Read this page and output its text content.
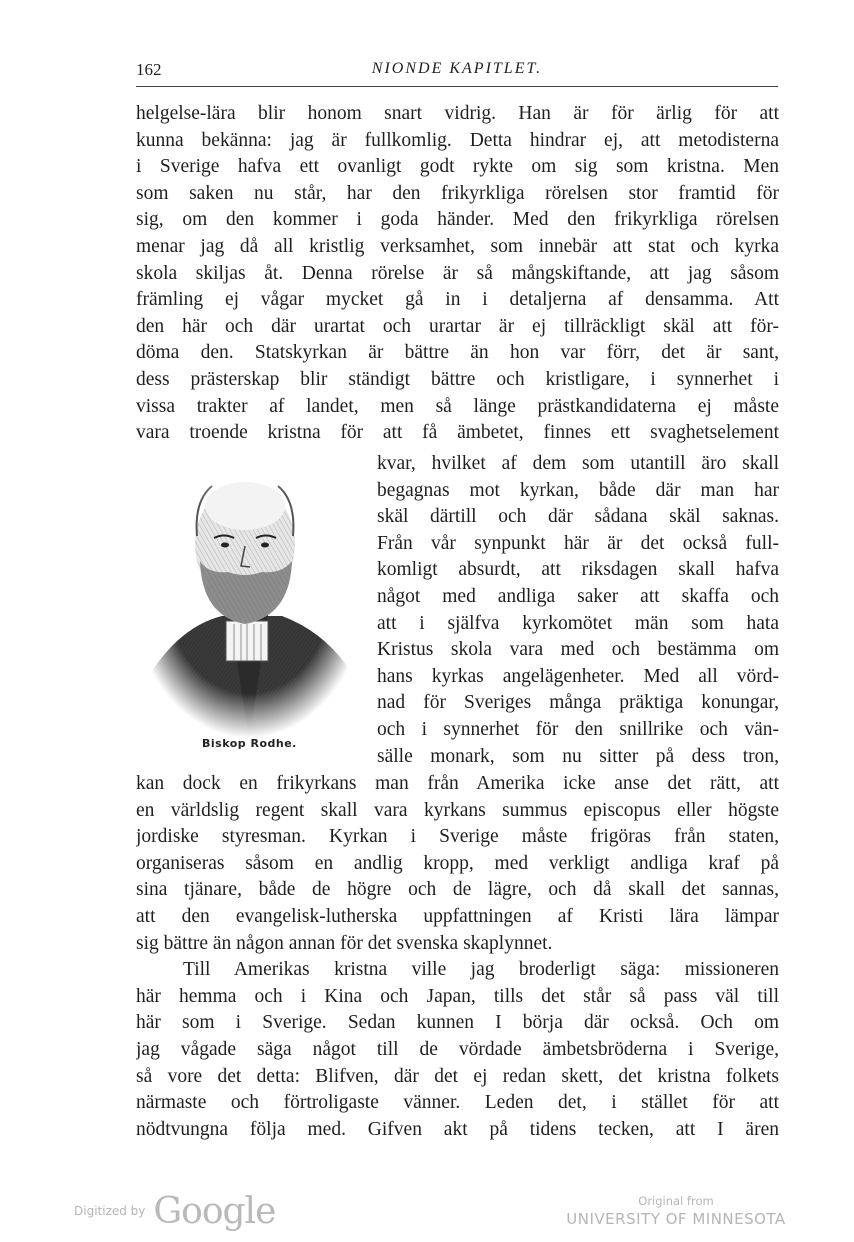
162	NIONDE KAPITLET.
helgelse-lära blir honom snart vidrig. Han är för ärlig för att
kunna bekänna: jag är fullkomlig. Detta hindrar ej, att metodisterna
i Sverige hafva ett ovanligt godt rykte om sig som kristna. Men
som saken nu står, har den frikyrkliga rörelsen stor framtid för
sig, om den kommer i goda händer. Med den frikyrkliga rörelsen
menar jag då all kristlig verksamhet, som innebär att stat och kyrka
skola skiljas åt. Denna rörelse är så mångskiftande, att jag såsom
främling ej vågar mycket gå in i detaljerna af densamma. Att
den här och där urartat och urartar är ej tillräckligt skäl att för-
döma den. Statskyrkan är bättre än hon var förr, det är sant,
dess prästerskap blir ständigt bättre och kristligare, i synnerhet i
vissa trakter af landet, men så länge prästkandidaterna ej måste
vara troende kristna för att få ämbetet, finnes ett svaghetselement
Biskop Rodhe.
kvar, hvilket af dem som utantill äro skall
begagnas mot kyrkan, både där man har
skäl därtill och där sådana skäl saknas.
Från vår synpunkt här är det också full-
komligt absurdt, att riksdagen skall hafva
något med andliga saker att skaffa och
att i själfva kyrkomötet män som hata
Kristus skola vara med och bestämma om
hans kyrkas angelägenheter. Med all vörd-
nad för Sveriges många präktiga konungar,
och i synnerhet för den snillrike och vän-
sälle monark, som nu sitter på dess tron,
kan dock en frikyrkans man från Amerika icke anse det rätt, att
en världslig regent skall vara kyrkans summus episcopus eller högste
jordiske styresman. Kyrkan i Sverige måste frigöras från staten,
organiseras såsom en andlig kropp, med verkligt andliga kraf på
sina tjänare, både de högre och de lägre, och då skall det sannas,
att den evangelisk-lutherska uppfattningen af Kristi lära lämpar
sig bättre än någon annan för det svenska skaplynnet.
Till Amerikas kristna ville jag broderligt säga: missioneren
här hemma och i Kina och Japan, tills det står så pass väl till
här som i Sverige. Sedan kunnen I börja där också. Och om
jag vågade säga något till de vördade ämbetsbröderna i Sverige,
så vore det detta: Blifven, där det ej redan skett, det kristna folkets
närmaste och förtroligaste vänner. Leden det, i stället för att
nödtvungna följa med. Gifven akt på tidens tecken, att I ären
Digitized by Google	Original from
UNIVERSITY OF MINNESOTA
